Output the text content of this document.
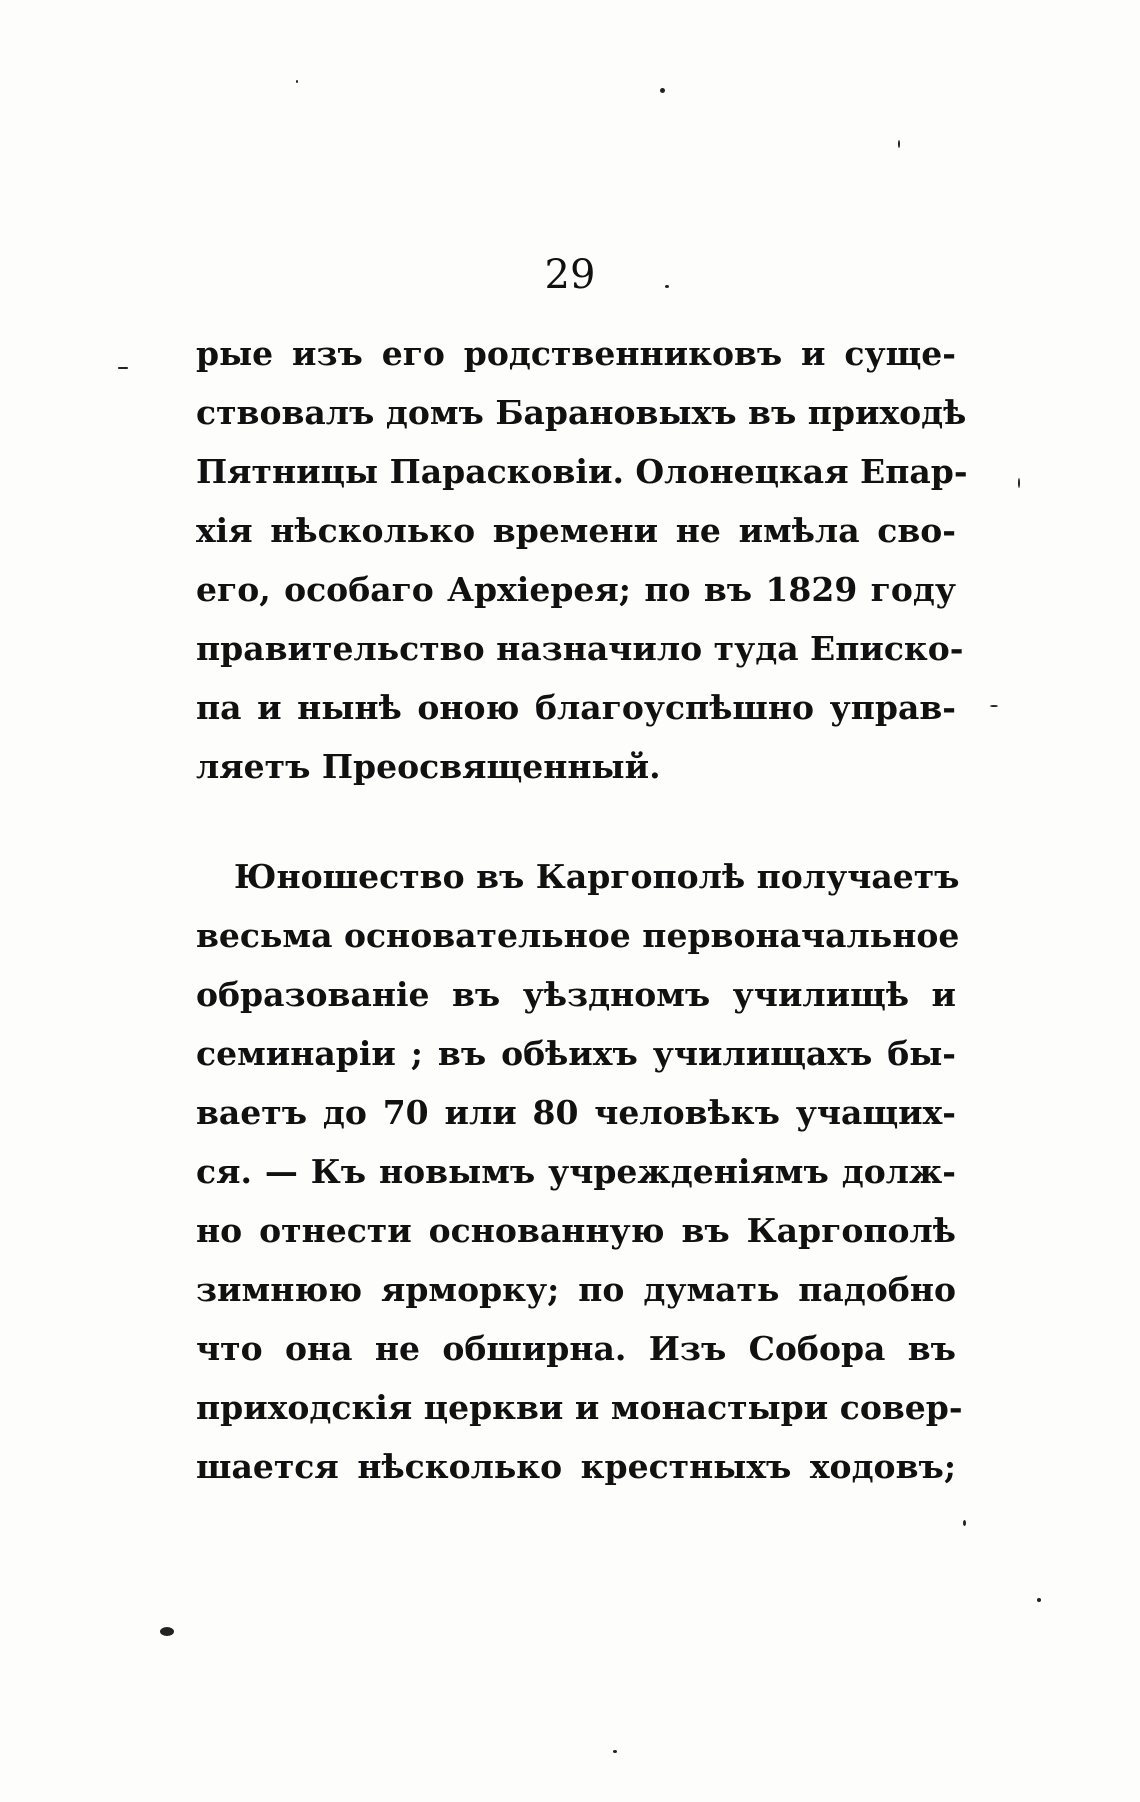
29
рые изъ его родственниковъ и суще-
ствовалъ домъ Барановыхъ въ приходѣ
Пятницы Парасковіи. Олонецкая Епар-
хія нѣсколько времени не имѣла сво-
его, особаго Архіерея; по въ 1829 году
правительство назначило туда Еписко-
па и нынѣ оною благоуспѣшно управ-
ляетъ Преосвященный.
Юношество въ Каргополѣ получаетъ
весьма основательное первоначальное
образованіе въ уѣздномъ училищѣ и
семинаріи ; въ обѣихъ училищахъ бы-
ваетъ до 70 или 80 человѣкъ учащих-
ся. — Къ новымъ учрежденіямъ долж-
но отнести основанную въ Каргополѣ
зимнюю ярморку; по думать падобно
что она не обширна. Изъ Собора въ
приходскія церкви и монастыри совер-
шается нѣсколько крестныхъ ходовъ;
